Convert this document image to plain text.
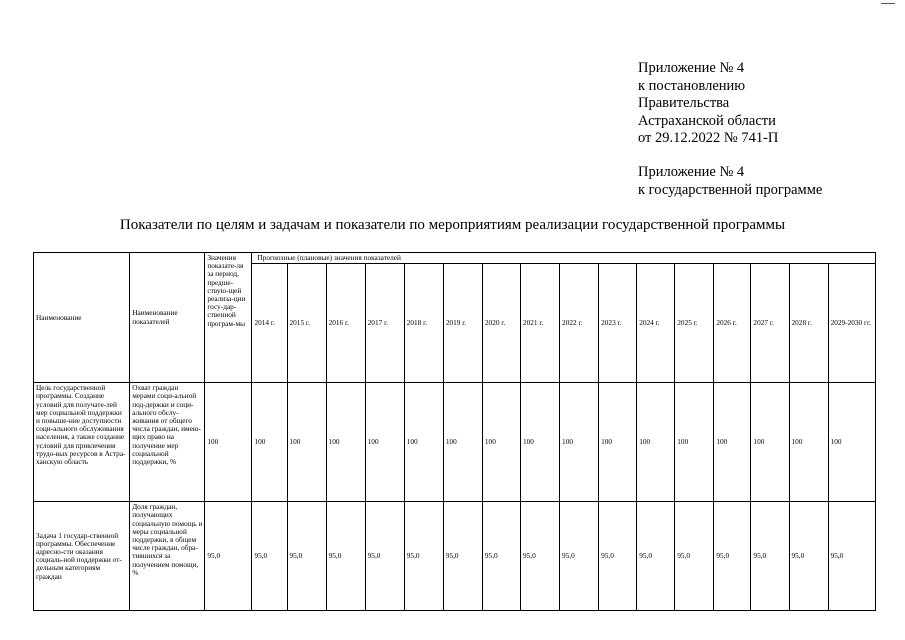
Приложение № 4
к постановлению
Правительства
Астраханской области
от 29.12.2022 № 741-П
Приложение № 4
к государственной программе
Показатели по целям и задачам и показатели по мероприятиям реализации государственной программы
Наименование	Наименование показателей	Значения показате-ля за период, предше-ствую-щей реализа-ции госу-дар-ственной програм-мы	Прогнозные (плановые) значения показателей															
			2014 г.	2015 г.	2016 г.	2017 г.	2018 г.	2019 г.	2020 г.	2021 г.	2022 г.	2023 г.	2024 г.	2025 г.	2026 г.	2027 г.	2028 г.	2029-2030 гг.
Цель государственной программы. Создание условий для получате-лей мер социальной поддержки и повыше-ние доступности соци-ального обслуживания населения, а также создание условий для привлечения трудо-вых ресурсов в Астра-ханскую область	Охват граждан мерами соци-альной под-держки и соци-ального обслу-живания от общего числа граждан, имею-щих право на получение мер социальной поддержки, %	100	100	100	100	100	100	100	100	100	100	100	100	100	100	100	100	100
Задача 1 государ-ственной программы. Обеспечение адресно-сти оказания социаль-ной поддержки от-дельным категориям граждан	Доля граждан, получающих социальную помощь и меры социальной поддержки, в общем числе граждан, обра-тившихся за получением помощи, %	95,0	95,0	95,0	95,0	95,0	95,0	95,0	95,0	95,0	95,0	95,0	95,0	95,0	95,0	95,0	95,0	95,0
